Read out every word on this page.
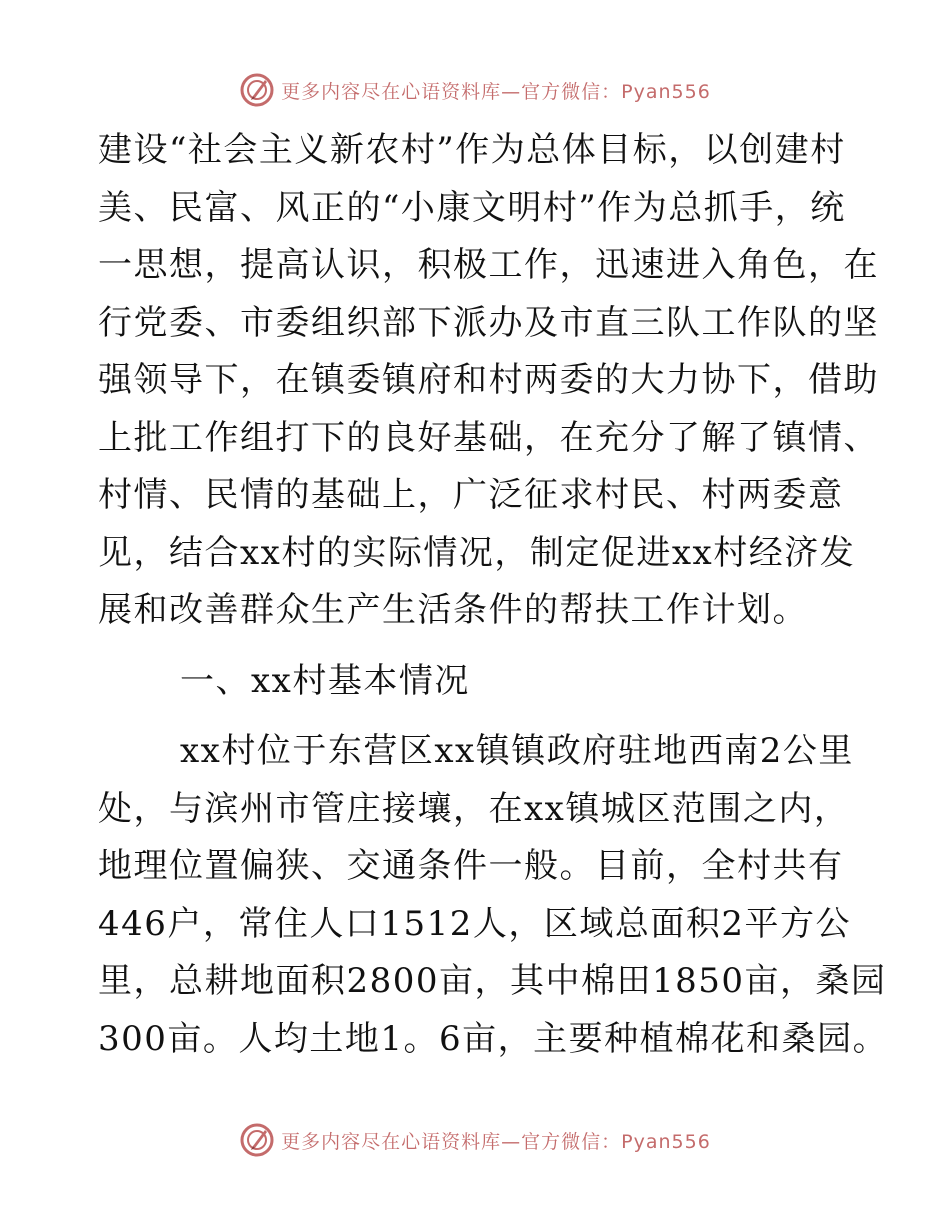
更多内容尽在心语资料库—官方微信：Pyan556
建设“社会主义新农村”作为总体目标，以创建村
美、民富、风正的“小康文明村”作为总抓手，统
一思想，提高认识，积极工作，迅速进入角色，在
行党委、市委组织部下派办及市直三队工作队的坚
强领导下，在镇委镇府和村两委的大力协下，借助
上批工作组打下的良好基础，在充分了解了镇情、
村情、民情的基础上，广泛征求村民、村两委意
见，结合xx村的实际情况，制定促进xx村经济发
展和改善群众生产生活条件的帮扶工作计划。
一、xx村基本情况
xx村位于东营区xx镇镇政府驻地西南2公里
处，与滨州市管庄接壤，在xx镇城区范围之内，
地理位置偏狭、交通条件一般。目前，全村共有
446户，常住人口1512人，区域总面积2平方公
里，总耕地面积2800亩，其中棉田1850亩，桑园
300亩。人均土地1。6亩，主要种植棉花和桑园。
更多内容尽在心语资料库—官方微信：Pyan556
